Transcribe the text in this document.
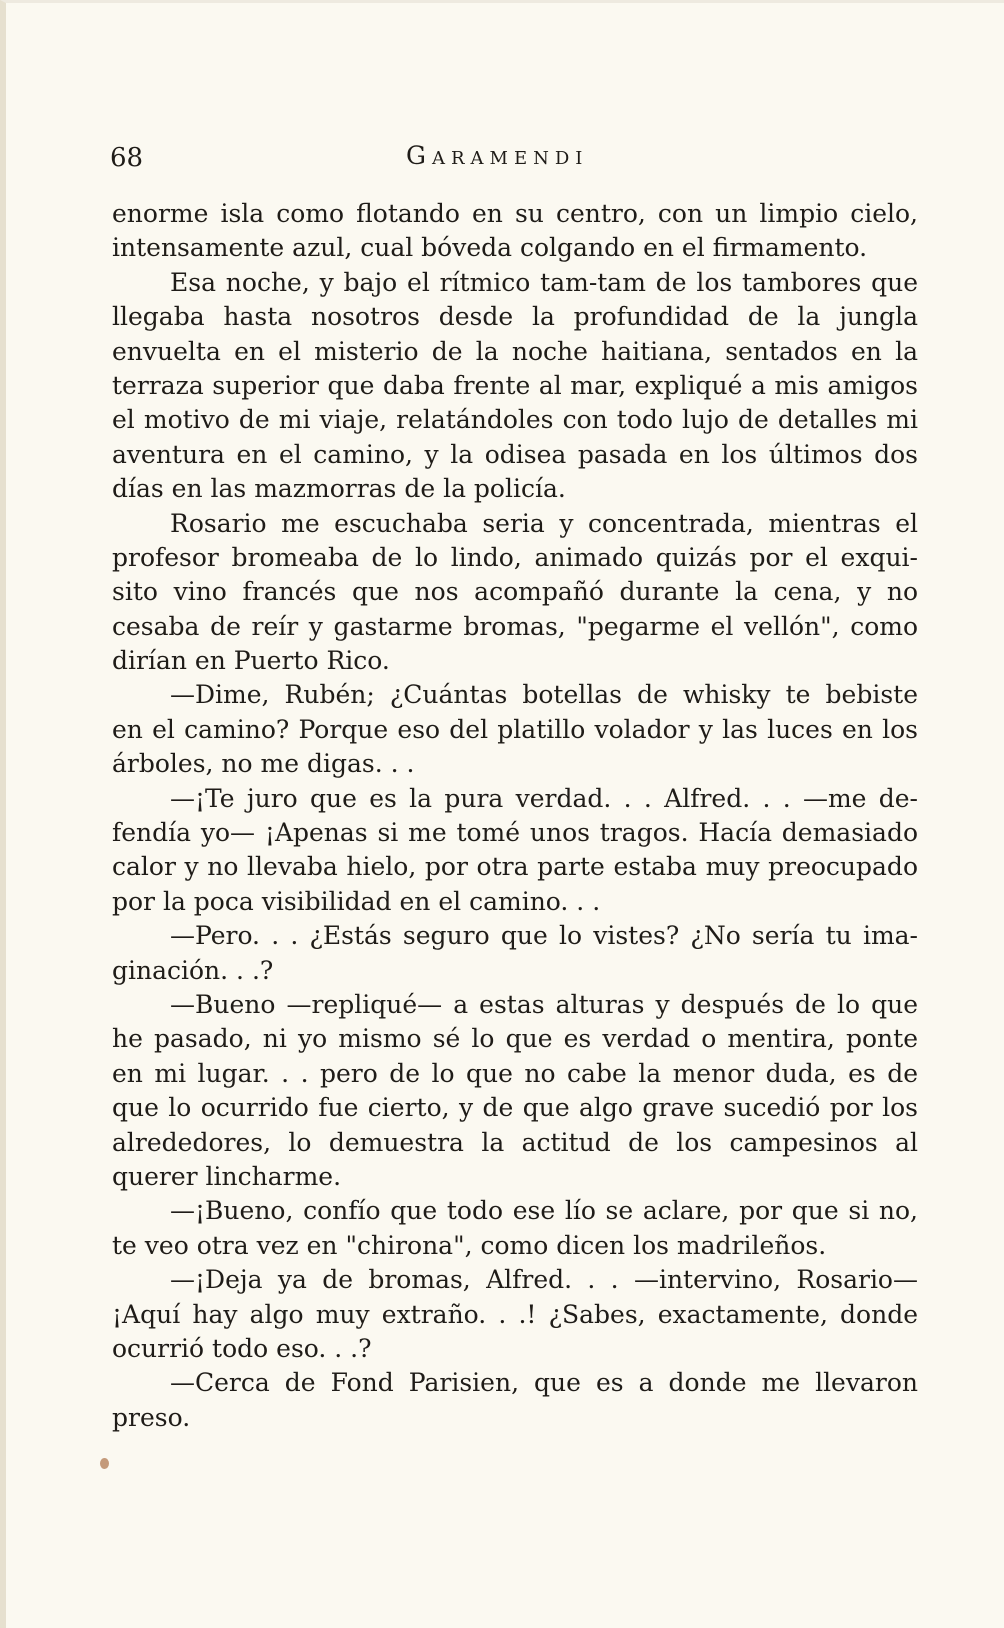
68	Garamendi
enorme isla como flotando en su centro, con un limpio cielo,
intensamente azul, cual bóveda colgando en el firmamento.
Esa noche, y bajo el rítmico tam-tam de los tambores que
llegaba hasta nosotros desde la profundidad de la jungla
envuelta en el misterio de la noche haitiana, sentados en la
terraza superior que daba frente al mar, expliqué a mis amigos
el motivo de mi viaje, relatándoles con todo lujo de detalles mi
aventura en el camino, y la odisea pasada en los últimos dos
días en las mazmorras de la policía.
Rosario me escuchaba seria y concentrada, mientras el
profesor bromeaba de lo lindo, animado quizás por el exqui-
sito vino francés que nos acompañó durante la cena, y no
cesaba de reír y gastarme bromas, "pegarme el vellón", como
dirían en Puerto Rico.
—Dime, Rubén; ¿Cuántas botellas de whisky te bebiste
en el camino? Porque eso del platillo volador y las luces en los
árboles, no me digas. . .
—¡Te juro que es la pura verdad. . . Alfred. . . —me de-
fendía yo— ¡Apenas si me tomé unos tragos. Hacía demasiado
calor y no llevaba hielo, por otra parte estaba muy preocupado
por la poca visibilidad en el camino. . .
—Pero. . . ¿Estás seguro que lo vistes? ¿No sería tu ima-
ginación. . .?
—Bueno —repliqué— a estas alturas y después de lo que
he pasado, ni yo mismo sé lo que es verdad o mentira, ponte
en mi lugar. . . pero de lo que no cabe la menor duda, es de
que lo ocurrido fue cierto, y de que algo grave sucedió por los
alrededores, lo demuestra la actitud de los campesinos al
querer lincharme.
—¡Bueno, confío que todo ese lío se aclare, por que si no,
te veo otra vez en "chirona", como dicen los madrileños.
—¡Deja ya de bromas, Alfred. . . —intervino, Rosario—
¡Aquí hay algo muy extraño. . .! ¿Sabes, exactamente, donde
ocurrió todo eso. . .?
—Cerca de Fond Parisien, que es a donde me llevaron
preso.
